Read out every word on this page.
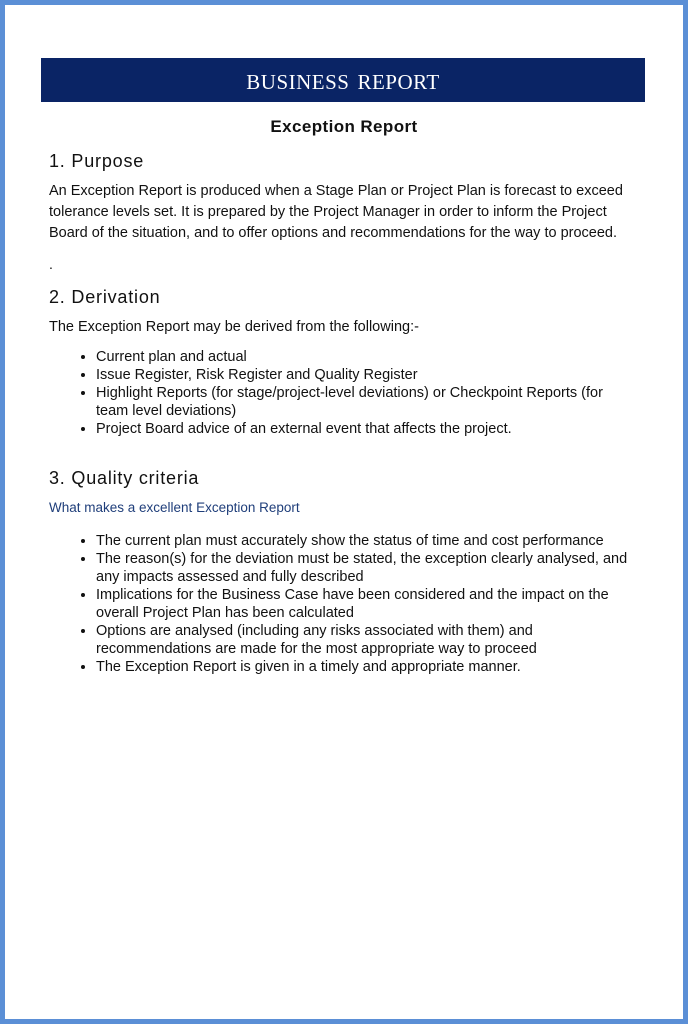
business report
Exception Report
1. Purpose

An Exception Report is produced when a Stage Plan or Project Plan is forecast to exceed tolerance levels set. It is prepared by the Project Manager in order to inform the Project Board of the situation, and to offer options and recommendations for the way to proceed.

.

2. Derivation

The Exception Report may be derived from the following:-

• Current plan and actual
• Issue Register, Risk Register and Quality Register
• Highlight Reports (for stage/project-level deviations) or Checkpoint Reports (for team level deviations)
• Project Board advice of an external event that affects the project.
3. Quality criteria

What makes a excellent Exception Report

• The current plan must accurately show the status of time and cost performance
• The reason(s) for the deviation must be stated, the exception clearly analysed, and any impacts assessed and fully described
• Implications for the Business Case have been considered and the impact on the overall Project Plan has been calculated
• Options are analysed (including any risks associated with them) and recommendations are made for the most appropriate way to proceed
• The Exception Report is given in a timely and appropriate manner.
